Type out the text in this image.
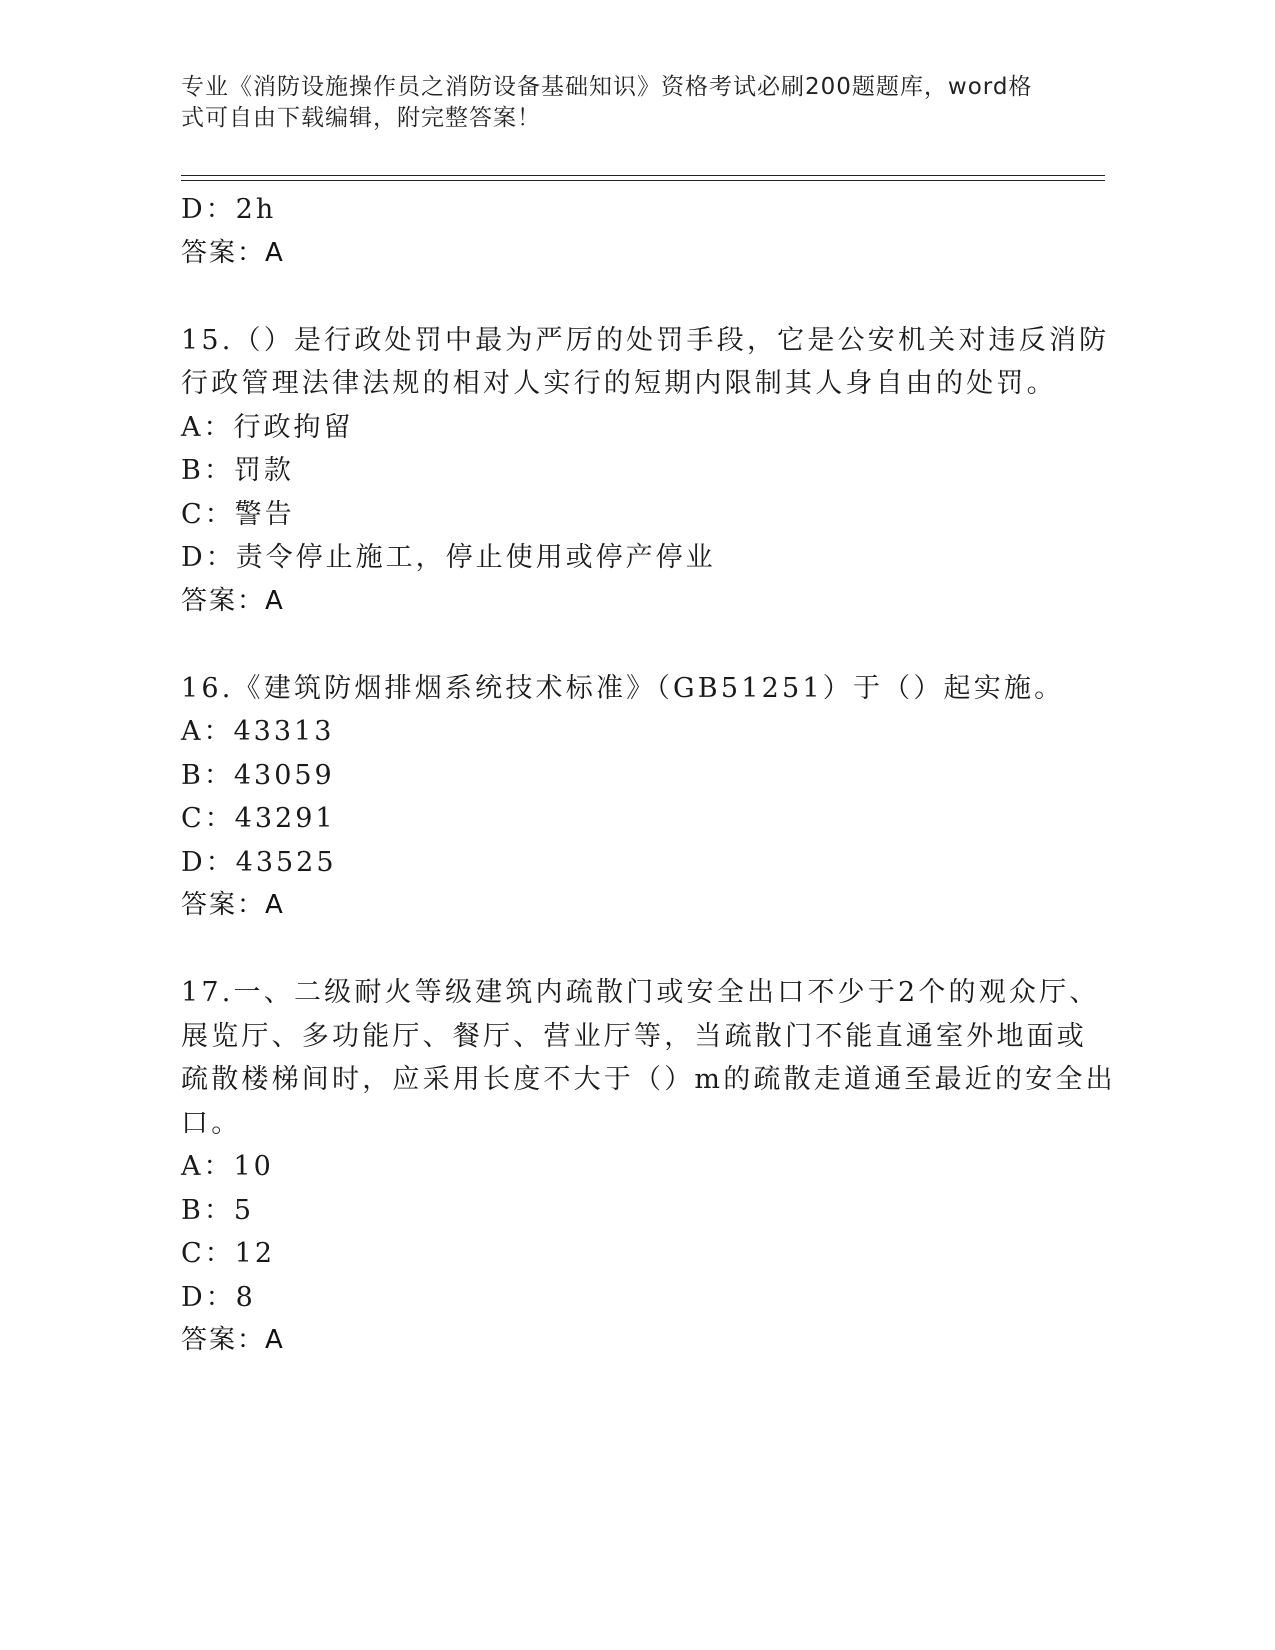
专业《消防设施操作员之消防设备基础知识》资格考试必刷200题题库，word格
式可自由下载编辑，附完整答案！
D：2h
答案：A
15.（）是行政处罚中最为严厉的处罚手段，它是公安机关对违反消防
行政管理法律法规的相对人实行的短期内限制其人身自由的处罚。
A：行政拘留
B：罚款
C：警告
D：责令停止施工，停止使用或停产停业
答案：A
16.《建筑防烟排烟系统技术标准》（GB51251）于（）起实施。
A：43313
B：43059
C：43291
D：43525
答案：A
17.一、二级耐火等级建筑内疏散门或安全出口不少于2个的观众厅、
展览厅、多功能厅、餐厅、营业厅等，当疏散门不能直通室外地面或
疏散楼梯间时，应采用长度不大于（）m的疏散走道通至最近的安全出
口。
A：10
B：5
C：12
D：8
答案：A
